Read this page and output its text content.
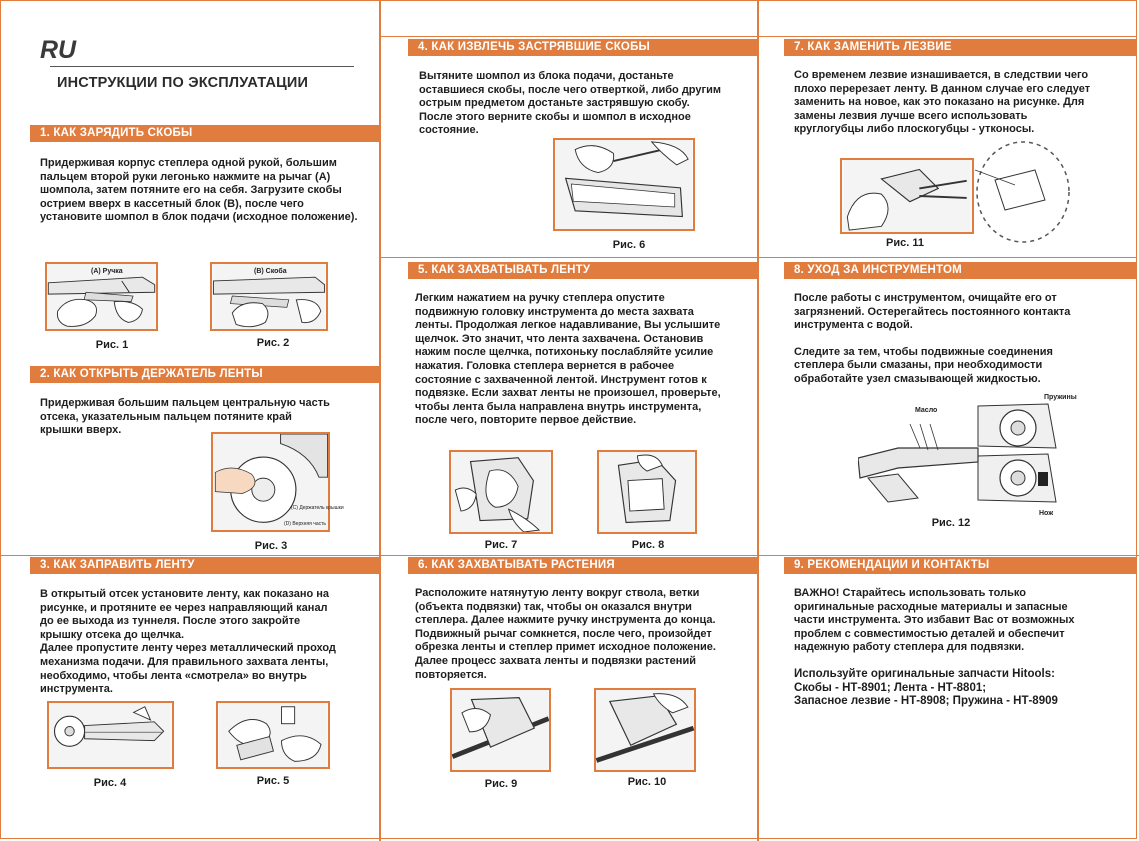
RU
ИНСТРУКЦИИ ПО ЭКСПЛУАТАЦИИ
1. КАК ЗАРЯДИТЬ СКОБЫ
Придерживая корпус степлера одной рукой, большим пальцем второй руки легонько нажмите на рычаг (А) шомпола, затем потяните его на себя. Загрузите скобы острием вверх в кассетный блок (B), после чего установите шомпол в блок подачи (исходное положение).
(А) Ручка
Рис. 1
(В) Скоба
Рис. 2
2. КАК ОТКРЫТЬ ДЕРЖАТЕЛЬ ЛЕНТЫ
Придерживая большим пальцем центральную часть отсека, указательным пальцем потяните край крышки вверх.
(С) Держатель крышки
(D) Верхняя часть
Рис. 3
3. КАК ЗАПРАВИТЬ ЛЕНТУ

В открытый отсек установите ленту, как показано на рисунке, и протяните ее через направляющий канал до ее выхода из туннеля. После этого закройте крышку отсека до щелчка.

Далее пропустите ленту через металлический проход механизма подачи. Для правильного захвата ленты, необходимо, чтобы лента «смотрела» во внутрь инструмента.

Рис. 4	Рис. 5
4. КАК ИЗВЛЕЧЬ ЗАСТРЯВШИЕ СКОБЫ
Вытяните шомпол из блока подачи, достаньте оставшиеся скобы, после чего отверткой, либо другим острым предметом достаньте застрявшую скобу. После этого верните скобы и шомпол в исходное состояние.
Рис. 6
5. КАК ЗАХВАТЫВАТЬ ЛЕНТУ
Легким нажатием на ручку степлера опустите подвижную головку инструмента до места захвата ленты. Продолжая легкое надавливание, Вы услышите щелчок. Это значит, что лента захвачена. Остановив нажим после щелчка, потихоньку послабляйте усилие нажатия. Головка степлера вернется в рабочее состояние с захваченной лентой. Инструмент готов к подвязке. Если захват ленты не произошел, проверьте, чтобы лента была направлена внутрь инструмента, после чего, повторите первое действие.
Рис. 7	Рис. 8
6. КАК ЗАХВАТЫВАТЬ РАСТЕНИЯ
Расположите натянутую ленту вокруг ствола, ветки (объекта подвязки) так, чтобы он оказался внутри степлера. Далее нажмите ручку инструмента до конца. Подвижный рычаг сомкнется, после чего, произойдет обрезка ленты и степлер примет исходное положение. Далее процесс захвата ленты и подвязки растений повторяется.
Рис. 9	Рис. 10
7. КАК ЗАМЕНИТЬ ЛЕЗВИЕ
Со временем лезвие изнашивается, в следствии чего плохо перерезает ленту. В данном случае его следует заменить на новое, как это показано на рисунке. Для замены лезвия лучше всего использовать круглогубцы либо плоскогубцы - утконосы.
Рис. 11
8. УХОД ЗА ИНСТРУМЕНТОМ

После работы с инструментом, очищайте его от загрязнений. Остерегайтесь постоянного контакта инструмента с водой.

Следите за тем, чтобы подвижные соединения степлера были смазаны, при необходимости обработайте узел смазывающей жидкостью.

Масло
Пружины
Нож
Рис. 12
9. РЕКОМЕНДАЦИИ И КОНТАКТЫ

ВАЖНО! Старайтесь использовать только оригинальные расходные материалы и запасные части инструмента. Это избавит Вас от возможных проблем с совместимостью деталей и обеспечит надежную работу степлера для подвязки.

Используйте оригинальные запчасти Hitools:

Скобы - НТ-8901; Лента - НТ-8801;

Запасное лезвие - НТ-8908; Пружина - НТ-8909
